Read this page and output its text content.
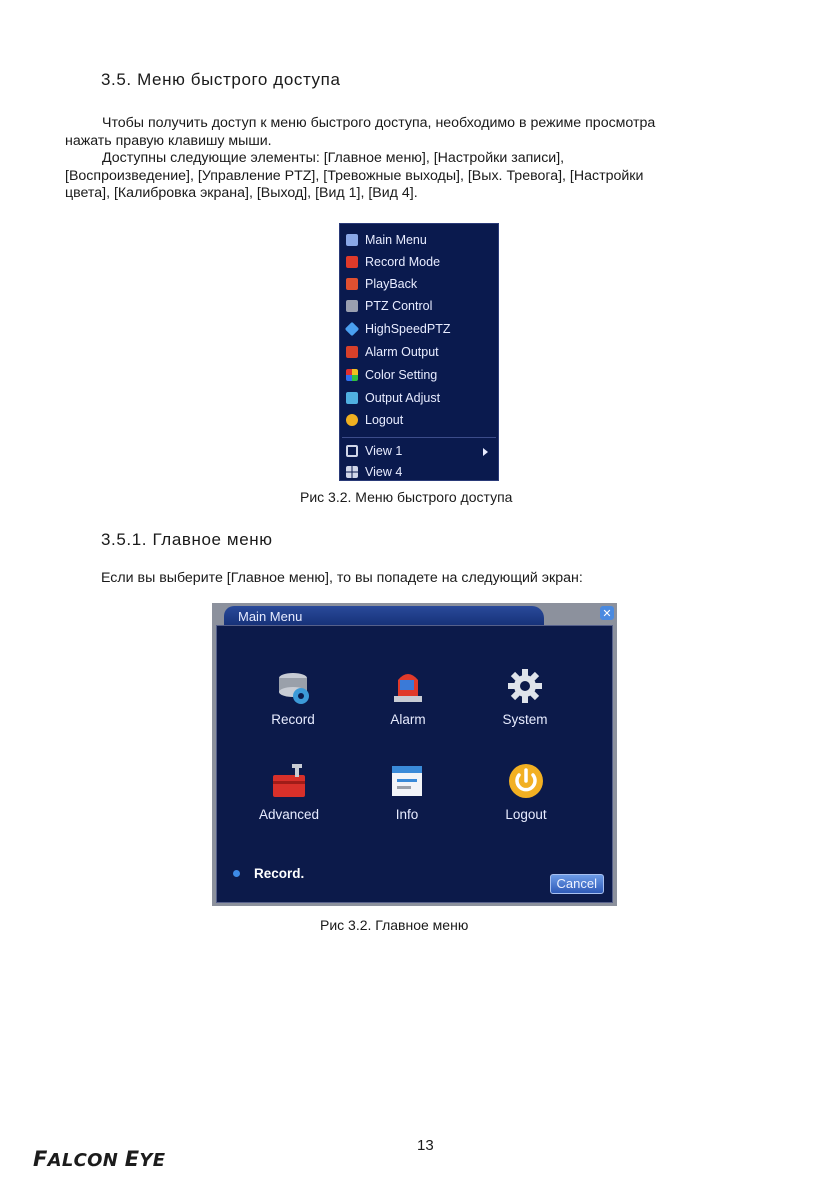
3.5. Меню быстрого доступа
Чтобы получить доступ к меню быстрого доступа, необходимо в режиме просмотра
нажать правую клавишу мыши.
Доступны следующие элементы: [Главное меню], [Настройки записи],
[Воспроизведение], [Управление PTZ], [Тревожные выходы], [Вых. Тревога], [Настройки
цвета], [Калибровка экрана], [Выход], [Вид 1], [Вид 4].
Main Menu
Record Mode
PlayBack
PTZ Control
HighSpeedPTZ
Alarm Output
Color Setting
Output Adjust
Logout
View 1
View 4
Рис 3.2. Меню быстрого доступа
3.5.1. Главное меню
Если вы выберите [Главное меню], то вы попадете на следующий экран:
Main Menu	✕
Record	Alarm	System
Advanced	Info	Logout
Record.
Cancel
Рис 3.2. Главное меню
13
FALCON EYE
